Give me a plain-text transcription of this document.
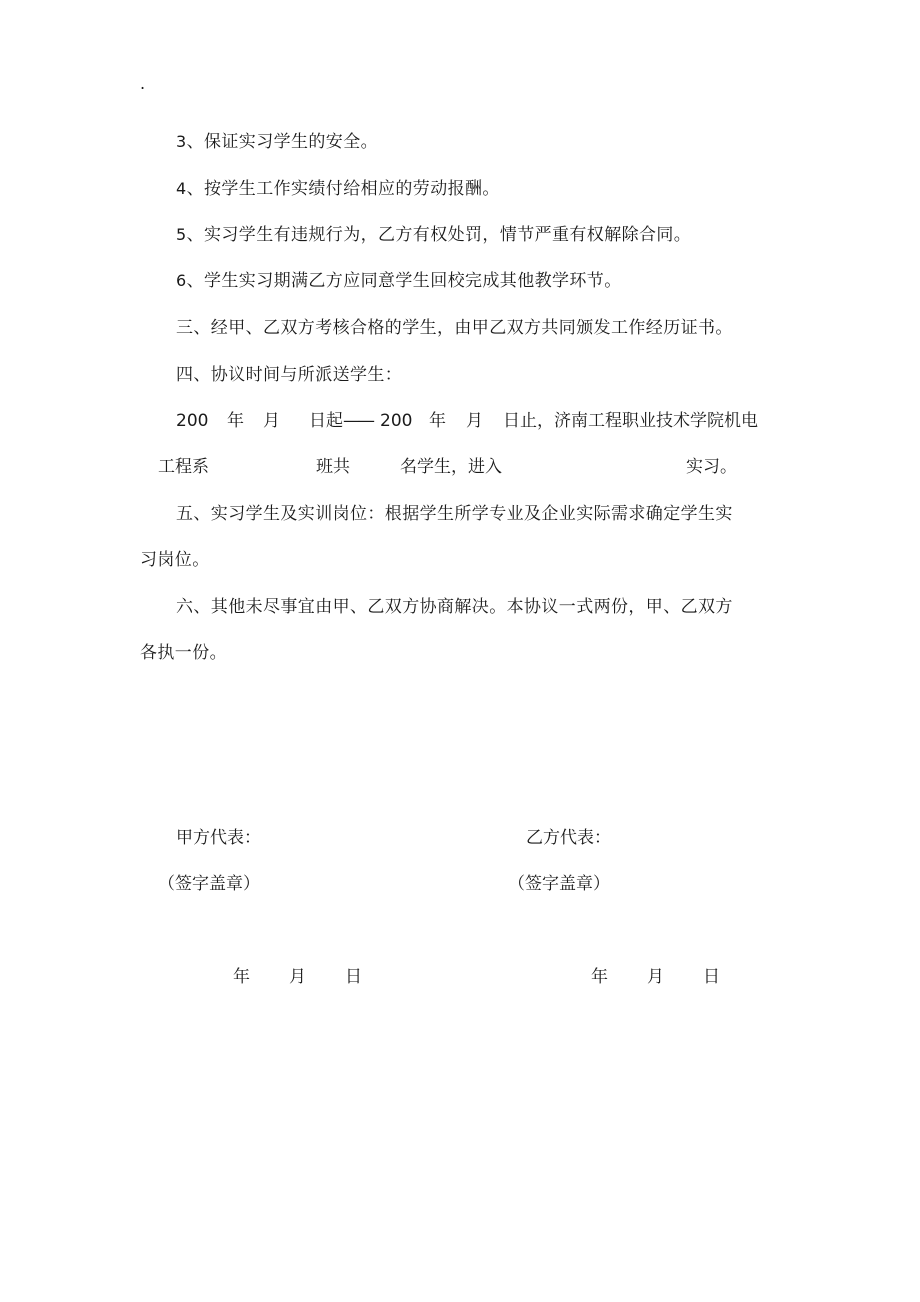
.
3、保证实习学生的安全。
4、按学生工作实绩付给相应的劳动报酬。
5、实习学生有违规行为，乙方有权处罚，情节严重有权解除合同。
6、学生实习期满乙方应同意学生回校完成其他教学环节。
三、经甲、乙双方考核合格的学生，由甲乙双方共同颁发工作经历证书。
四、协议时间与所派送学生：
200 年 月 日起—— 200 年 月 日止，济南工程职业技术学院机电
工程系	班共	名学生，进入	实习。
五、实习学生及实训岗位：根据学生所学专业及企业实际需求确定学生实
习岗位。
六、其他未尽事宜由甲、乙双方协商解决。本协议一式两份，甲、乙双方
各执一份。
甲方代表：	乙方代表：
（签字盖章）	（签字盖章）
年 月 日	年 月 日
